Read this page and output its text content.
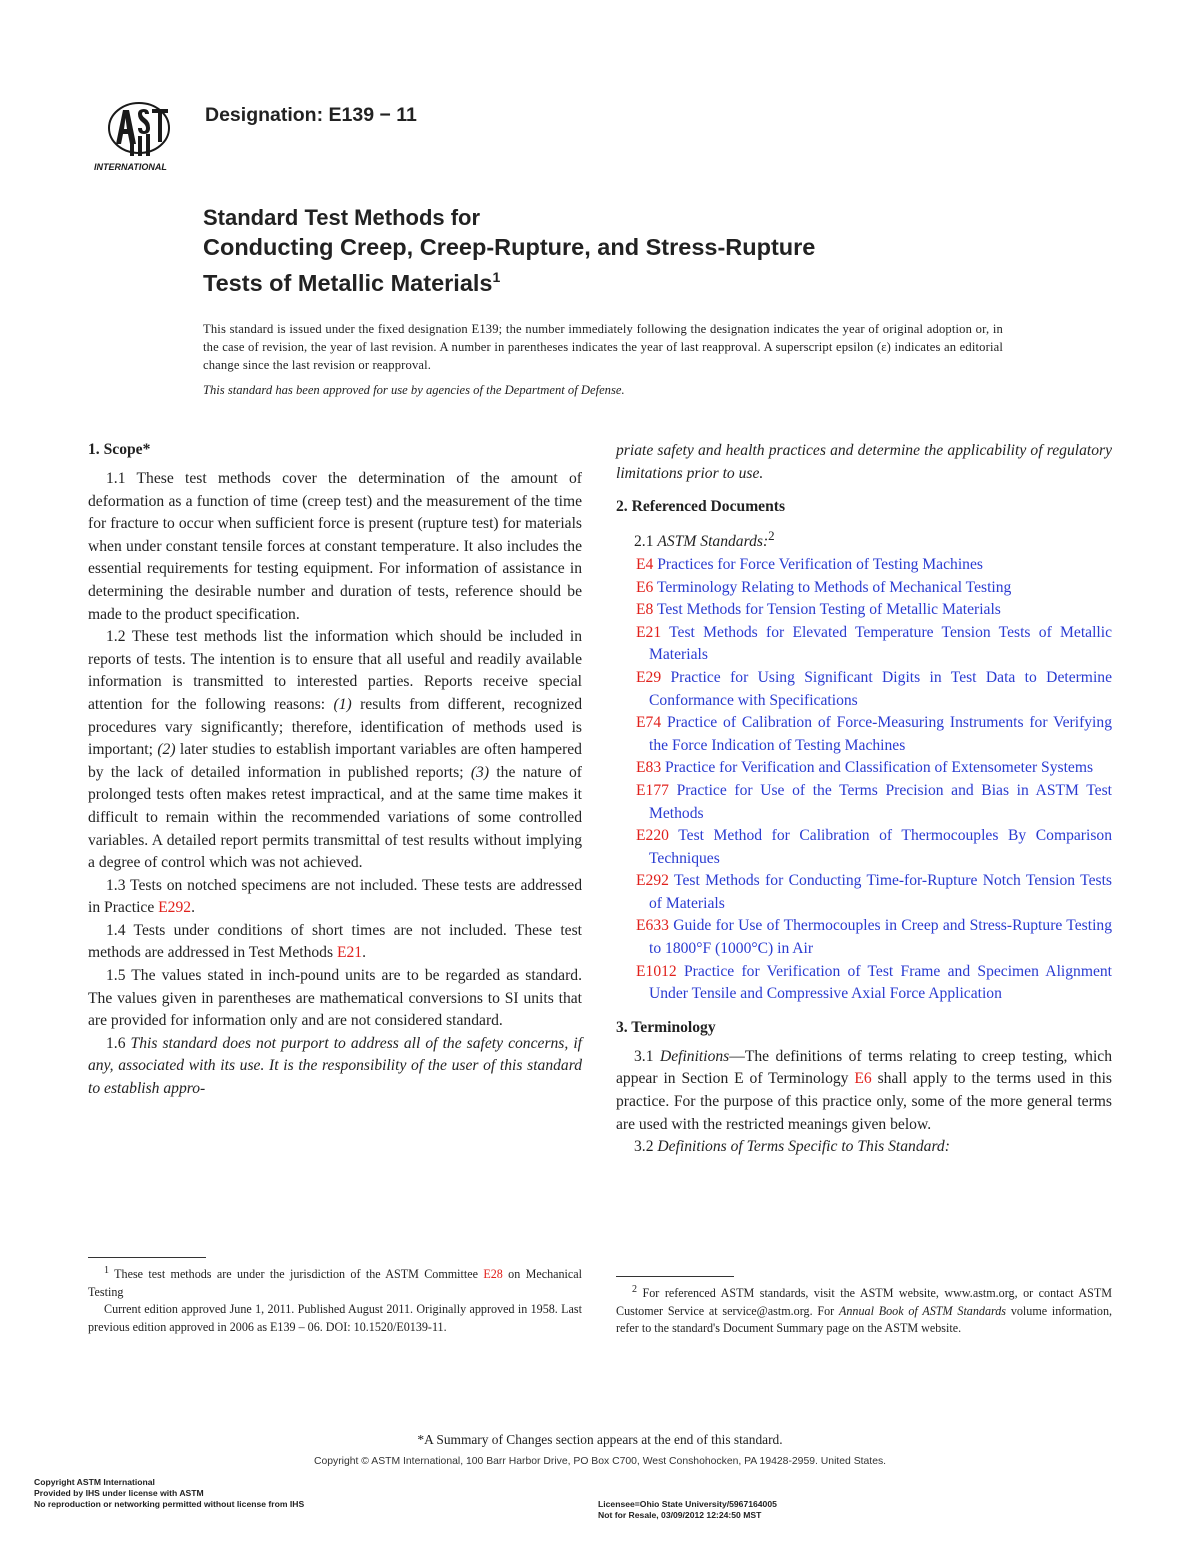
INTERNATIONAL
Designation: E139 − 11
Standard Test Methods for
Conducting Creep, Creep-Rupture, and Stress-Rupture
Tests of Metallic Materials$^1$
This standard is issued under the fixed designation E139; the number immediately following the designation indicates the year of original adoption or, in the case of revision, the year of last revision. A number in parentheses indicates the year of last reapproval. A superscript epsilon (ε) indicates an editorial change since the last revision or reapproval.
This standard has been approved for use by agencies of the Department of Defense.
1. Scope*

1.1 These test methods cover the determination of the amount of deformation as a function of time (creep test) and the measurement of the time for fracture to occur when sufficient force is present (rupture test) for materials when under constant tensile forces at constant temperature. It also includes the essential requirements for testing equipment. For information of assistance in determining the desirable number and duration of tests, reference should be made to the product specification.

1.2 These test methods list the information which should be included in reports of tests. The intention is to ensure that all useful and readily available information is transmitted to interested parties. Reports receive special attention for the following reasons: (1) results from different, recognized procedures vary significantly; therefore, identification of methods used is important; (2) later studies to establish important variables are often hampered by the lack of detailed information in published reports; (3) the nature of prolonged tests often makes retest impractical, and at the same time makes it difficult to remain within the recommended variations of some controlled variables. A detailed report permits transmittal of test results without implying a degree of control which was not achieved.

1.3 Tests on notched specimens are not included. These tests are addressed in Practice E292.

1.4 Tests under conditions of short times are not included. These test methods are addressed in Test Methods E21.

1.5 The values stated in inch-pound units are to be regarded as standard. The values given in parentheses are mathematical conversions to SI units that are provided for information only and are not considered standard.

1.6 This standard does not purport to address all of the safety concerns, if any, associated with its use. It is the responsibility of the user of this standard to establish appro-

priate safety and health practices and determine the applicability of regulatory limitations prior to use.

2. Referenced Documents

2.1 ASTM Standards:$^2$

E4 Practices for Force Verification of Testing Machines
E6 Terminology Relating to Methods of Mechanical Testing
E8 Test Methods for Tension Testing of Metallic Materials
E21 Test Methods for Elevated Temperature Tension Tests of Metallic Materials
E29 Practice for Using Significant Digits in Test Data to Determine Conformance with Specifications
E74 Practice of Calibration of Force-Measuring Instruments for Verifying the Force Indication of Testing Machines
E83 Practice for Verification and Classification of Extensometer Systems
E177 Practice for Use of the Terms Precision and Bias in ASTM Test Methods
E220 Test Method for Calibration of Thermocouples By Comparison Techniques
E292 Test Methods for Conducting Time-for-Rupture Notch Tension Tests of Materials
E633 Guide for Use of Thermocouples in Creep and Stress-Rupture Testing to 1800°F (1000°C) in Air
E1012 Practice for Verification of Test Frame and Specimen Alignment Under Tensile and Compressive Axial Force Application
3. Terminology

3.1 Definitions—The definitions of terms relating to creep testing, which appear in Section E of Terminology E6 shall apply to the terms used in this practice. For the purpose of this practice only, some of the more general terms are used with the restricted meanings given below.

3.2 Definitions of Terms Specific to This Standard:

$^1$ These test methods are under the jurisdiction of the ASTM Committee E28 on Mechanical Testing

Current edition approved June 1, 2011. Published August 2011. Originally approved in 1958. Last previous edition approved in 2006 as E139 – 06. DOI: 10.1520/E0139-11.

$^2$ For referenced ASTM standards, visit the ASTM website, www.astm.org, or contact ASTM Customer Service at service@astm.org. For Annual Book of ASTM Standards volume information, refer to the standard's Document Summary page on the ASTM website.

*A Summary of Changes section appears at the end of this standard.
Copyright © ASTM International, 100 Barr Harbor Drive, PO Box C700, West Conshohocken, PA 19428-2959. United States.
Copyright ASTM International
Provided by IHS under license with ASTM
No reproduction or networking permitted without license from IHS	Licensee=Ohio State University/5967164005
Not for Resale, 03/09/2012 12:24:50 MST
